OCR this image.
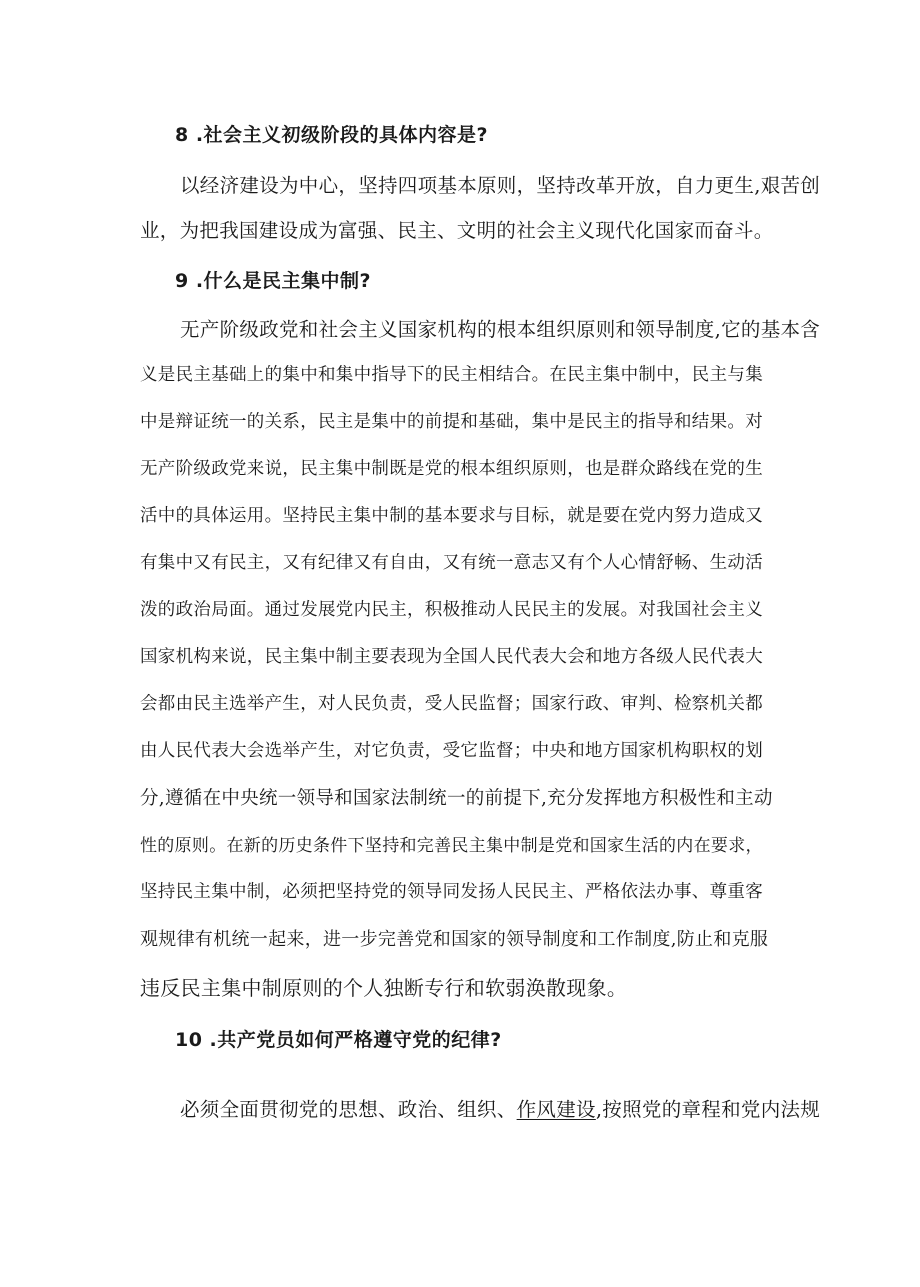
8 .社会主义初级阶段的具体内容是?
以经济建设为中心，坚持四项基本原则，坚持改革开放，自力更生,艰苦创
业，为把我国建设成为富强、民主、文明的社会主义现代化国家而奋斗。
9 .什么是民主集中制?
无产阶级政党和社会主义国家机构的根本组织原则和领导制度,它的基本含
义是民主基础上的集中和集中指导下的民主相结合。在民主集中制中，民主与集
中是辩证统一的关系，民主是集中的前提和基础，集中是民主的指导和结果。对
无产阶级政党来说，民主集中制既是党的根本组织原则，也是群众路线在党的生
活中的具体运用。坚持民主集中制的基本要求与目标，就是要在党内努力造成又
有集中又有民主，又有纪律又有自由，又有统一意志又有个人心情舒畅、生动活
泼的政治局面。通过发展党内民主，积极推动人民民主的发展。对我国社会主义
国家机构来说，民主集中制主要表现为全国人民代表大会和地方各级人民代表大
会都由民主选举产生，对人民负责，受人民监督；国家行政、审判、检察机关都
由人民代表大会选举产生，对它负责，受它监督；中央和地方国家机构职权的划
分,遵循在中央统一领导和国家法制统一的前提下,充分发挥地方积极性和主动
性的原则。在新的历史条件下坚持和完善民主集中制是党和国家生活的内在要求，
坚持民主集中制，必须把坚持党的领导同发扬人民民主、严格依法办事、尊重客
观规律有机统一起来，进一步完善党和国家的领导制度和工作制度,防止和克服
违反民主集中制原则的个人独断专行和软弱涣散现象。
10 .共产党员如何严格遵守党的纪律?
必须全面贯彻党的思想、政治、组织、作风建设,按照党的章程和党内法规
